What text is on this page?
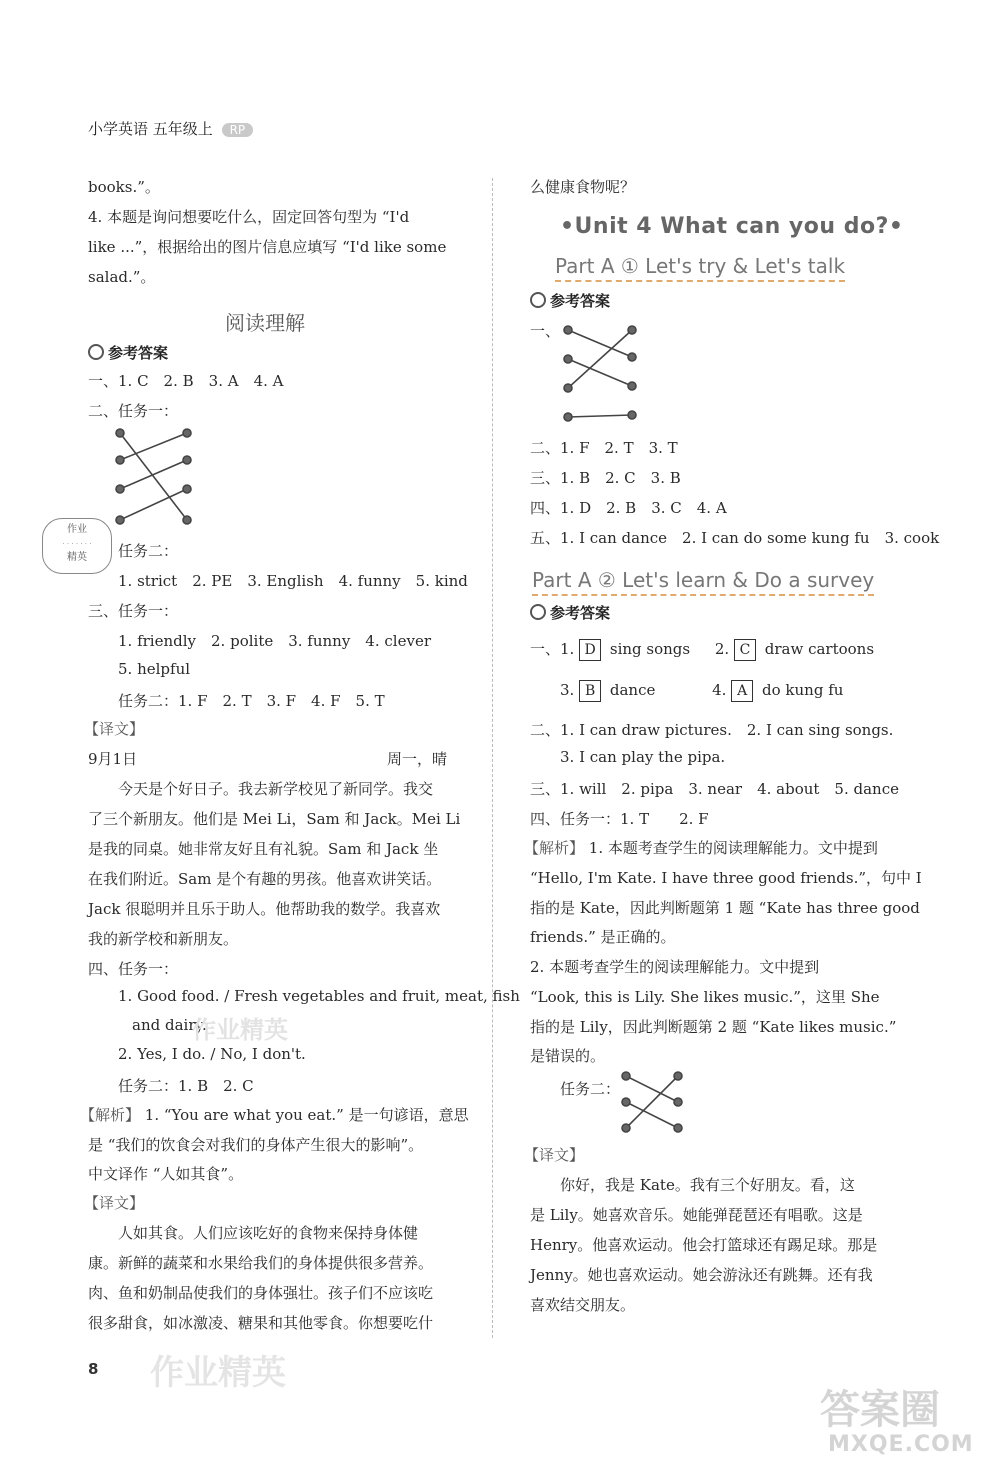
小学英语 五年级上 RP
books.”。
4. 本题是询问想要吃什么，固定回答句型为 “I'd
like ...”，根据给出的图片信息应填写 “I'd like some
salad.”。
阅读理解
参考答案
一、1. C　2. B　3. A　4. A
二、任务一：
作业
· · · · · · ·
精英	任务二：
1. strict　2. PE　3. English　4. funny　5. kind
三、任务一：
1. friendly　2. polite　3. funny　4. clever
5. helpful
任务二：1. F　2. T　3. F　4. F　5. T
【译文】
9月1日	周一，晴
今天是个好日子。我去新学校见了新同学。我交
了三个新朋友。他们是 Mei Li，Sam 和 Jack。Mei Li
是我的同桌。她非常友好且有礼貌。Sam 和 Jack 坐
在我们附近。Sam 是个有趣的男孩。他喜欢讲笑话。
Jack 很聪明并且乐于助人。他帮助我的数学。我喜欢
我的新学校和新朋友。
四、任务一：
1. Good food. / Fresh vegetables and fruit, meat, fish
and dairy.
作业精英
2. Yes, I do. / No, I don't.
任务二：1. B　2. C
【解析】 1. “You are what you eat.” 是一句谚语，意思
是 “我们的饮食会对我们的身体产生很大的影响”。
中文译作 “人如其食”。
【译文】
人如其食。人们应该吃好的食物来保持身体健
康。新鲜的蔬菜和水果给我们的身体提供很多营养。
肉、鱼和奶制品使我们的身体强壮。孩子们不应该吃
很多甜食，如冰激凌、糖果和其他零食。你想要吃什
8 作业精英
么健康食物呢？
•Unit 4 What can you do?•
Part A ① Let's try & Let's talk
参考答案
一、
二、1. F　2. T　3. T
三、1. B　2. C　3. B
四、1. D　2. B　3. C　4. A
五、1. I can dance　2. I can do some kung fu　3. cook
Part A ② Let's learn & Do a survey
参考答案
一、1. D sing songs 2. C draw cartoons
3. B dance	4. A do kung fu
二、1. I can draw pictures.　2. I can sing songs.
3. I can play the pipa.
三、1. will　2. pipa　3. near　4. about　5. dance
四、任务一：1. T　　2. F
【解析】 1. 本题考查学生的阅读理解能力。文中提到
“Hello, I'm Kate. I have three good friends.”，句中 I
指的是 Kate，因此判断题第 1 题 “Kate has three good
friends.” 是正确的。
2. 本题考查学生的阅读理解能力。文中提到
“Look, this is Lily. She likes music.”，这里 She
指的是 Lily，因此判断题第 2 题 “Kate likes music.”
是错误的。
任务二：
【译文】
你好，我是 Kate。我有三个好朋友。看，这
是 Lily。她喜欢音乐。她能弹琵琶还有唱歌。这是
Henry。他喜欢运动。他会打篮球还有踢足球。那是
Jenny。她也喜欢运动。她会游泳还有跳舞。还有我
喜欢结交朋友。
答案圈
MXQE.COM
